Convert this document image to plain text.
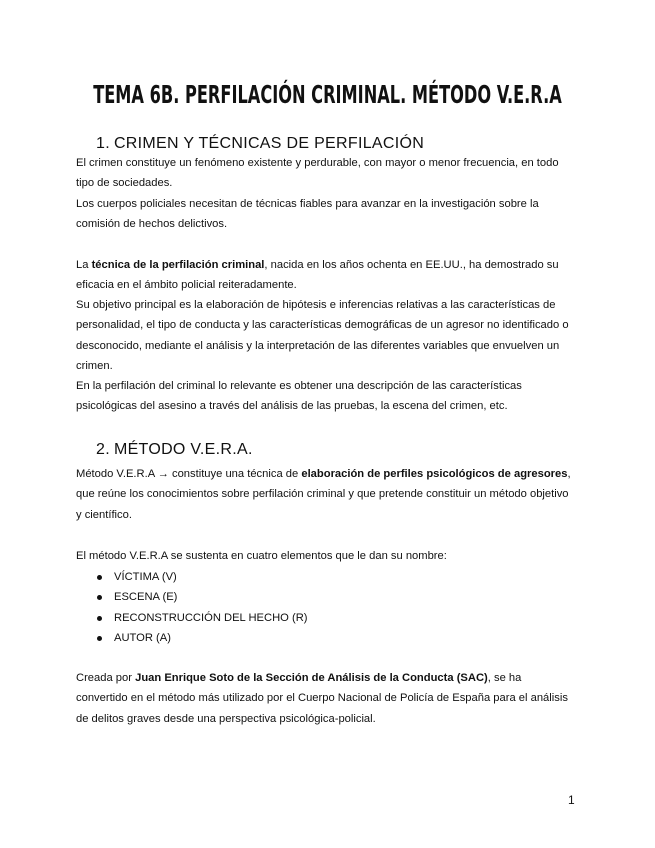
TEMA 6B. PERFILACIÓN CRIMINAL. MÉTODO V.E.R.A
1. CRIMEN Y TÉCNICAS DE PERFILACIÓN
El crimen constituye un fenómeno existente y perdurable, con mayor o menor frecuencia, en todo tipo de sociedades.
Los cuerpos policiales necesitan de técnicas fiables para avanzar en la investigación sobre la comisión de hechos delictivos.
La técnica de la perfilación criminal, nacida en los años ochenta en EE.UU., ha demostrado su eficacia en el ámbito policial reiteradamente.
Su objetivo principal es la elaboración de hipótesis e inferencias relativas a las características de personalidad, el tipo de conducta y las características demográficas de un agresor no identificado o desconocido, mediante el análisis y la interpretación de las diferentes variables que envuelven un crimen.
En la perfilación del criminal lo relevante es obtener una descripción de las características psicológicas del asesino a través del análisis de las pruebas, la escena del crimen, etc.
2. MÉTODO V.E.R.A.
Método V.E.R.A → constituye una técnica de elaboración de perfiles psicológicos de agresores, que reúne los conocimientos sobre perfilación criminal y que pretende constituir un método objetivo y científico.
El método V.E.R.A se sustenta en cuatro elementos que le dan su nombre:
VÍCTIMA (V)
ESCENA (E)
RECONSTRUCCIÓN DEL HECHO (R)
AUTOR (A)
Creada por Juan Enrique Soto de la Sección de Análisis de la Conducta (SAC), se ha convertido en el método más utilizado por el Cuerpo Nacional de Policía de España para el análisis de delitos graves desde una perspectiva psicológica-policial.
1
